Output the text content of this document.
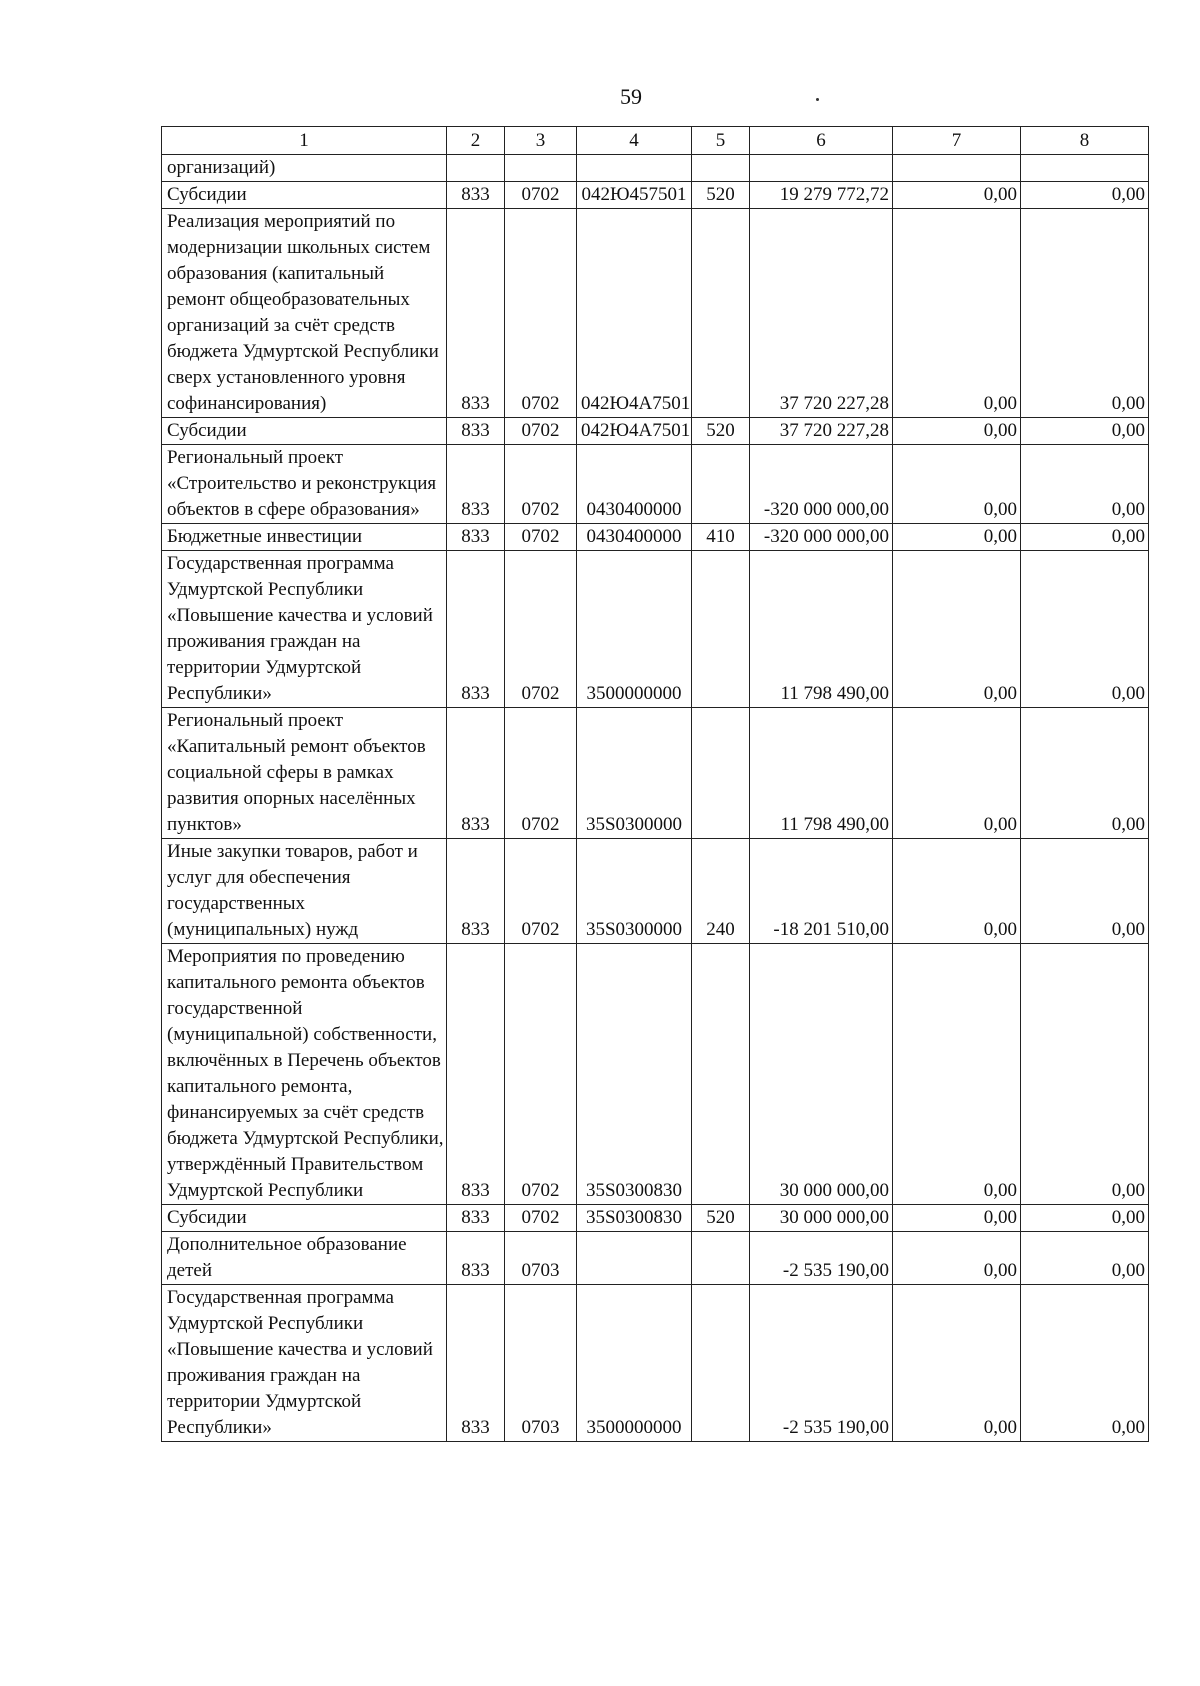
59
1	2	3	4	5	6	7	8
организаций)							
Субсидии	833	0702	042Ю457501	520	19 279 772,72	0,00	0,00
Реализация мероприятий по модернизации школьных систем образования (капитальный ремонт общеобразовательных организаций за счёт средств бюджета Удмуртской Республики сверх установленного уровня софинансирования)	833	0702	042Ю4А7501		37 720 227,28	0,00	0,00
Субсидии	833	0702	042Ю4А7501	520	37 720 227,28	0,00	0,00
Региональный проект «Строительство и реконструкция объектов в сфере образования»	833	0702	0430400000		-320 000 000,00	0,00	0,00
Бюджетные инвестиции	833	0702	0430400000	410	-320 000 000,00	0,00	0,00
Государственная программа Удмуртской Республики «Повышение качества и условий проживания граждан на территории Удмуртской Республики»	833	0702	3500000000		11 798 490,00	0,00	0,00
Региональный проект «Капитальный ремонт объектов социальной сферы в рамках развития опорных населённых пунктов»	833	0702	35S0300000		11 798 490,00	0,00	0,00
Иные закупки товаров, работ и услуг для обеспечения государственных (муниципальных) нужд	833	0702	35S0300000	240	-18 201 510,00	0,00	0,00
Мероприятия по проведению капитального ремонта объектов государственной (муниципальной) собственности, включённых в Перечень объектов капитального ремонта, финансируемых за счёт средств бюджета Удмуртской Республики, утверждённый Правительством Удмуртской Республики	833	0702	35S0300830		30 000 000,00	0,00	0,00
Субсидии	833	0702	35S0300830	520	30 000 000,00	0,00	0,00
Дополнительное образование детей	833	0703			-2 535 190,00	0,00	0,00
Государственная программа Удмуртской Республики «Повышение качества и условий проживания граждан на территории Удмуртской Республики»	833	0703	3500000000		-2 535 190,00	0,00	0,00
